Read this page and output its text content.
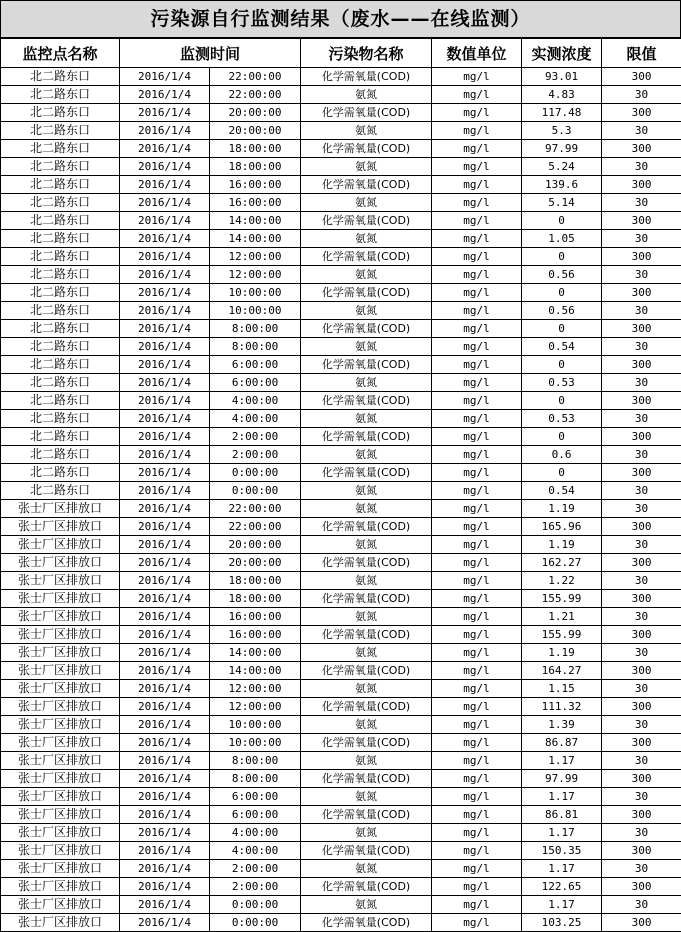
污染源自行监测结果（废水——在线监测）
监控点名称	监测时间		污染物名称	数值单位	实测浓度	限值
北二路东口	2016/1/4	22:00:00	化学需氧量(COD)	mg/l	93.01	300
北二路东口	2016/1/4	22:00:00	氨氮	mg/l	4.83	30
北二路东口	2016/1/4	20:00:00	化学需氧量(COD)	mg/l	117.48	300
北二路东口	2016/1/4	20:00:00	氨氮	mg/l	5.3	30
北二路东口	2016/1/4	18:00:00	化学需氧量(COD)	mg/l	97.99	300
北二路东口	2016/1/4	18:00:00	氨氮	mg/l	5.24	30
北二路东口	2016/1/4	16:00:00	化学需氧量(COD)	mg/l	139.6	300
北二路东口	2016/1/4	16:00:00	氨氮	mg/l	5.14	30
北二路东口	2016/1/4	14:00:00	化学需氧量(COD)	mg/l	0	300
北二路东口	2016/1/4	14:00:00	氨氮	mg/l	1.05	30
北二路东口	2016/1/4	12:00:00	化学需氧量(COD)	mg/l	0	300
北二路东口	2016/1/4	12:00:00	氨氮	mg/l	0.56	30
北二路东口	2016/1/4	10:00:00	化学需氧量(COD)	mg/l	0	300
北二路东口	2016/1/4	10:00:00	氨氮	mg/l	0.56	30
北二路东口	2016/1/4	8:00:00	化学需氧量(COD)	mg/l	0	300
北二路东口	2016/1/4	8:00:00	氨氮	mg/l	0.54	30
北二路东口	2016/1/4	6:00:00	化学需氧量(COD)	mg/l	0	300
北二路东口	2016/1/4	6:00:00	氨氮	mg/l	0.53	30
北二路东口	2016/1/4	4:00:00	化学需氧量(COD)	mg/l	0	300
北二路东口	2016/1/4	4:00:00	氨氮	mg/l	0.53	30
北二路东口	2016/1/4	2:00:00	化学需氧量(COD)	mg/l	0	300
北二路东口	2016/1/4	2:00:00	氨氮	mg/l	0.6	30
北二路东口	2016/1/4	0:00:00	化学需氧量(COD)	mg/l	0	300
北二路东口	2016/1/4	0:00:00	氨氮	mg/l	0.54	30
张士厂区排放口	2016/1/4	22:00:00	氨氮	mg/l	1.19	30
张士厂区排放口	2016/1/4	22:00:00	化学需氧量(COD)	mg/l	165.96	300
张士厂区排放口	2016/1/4	20:00:00	氨氮	mg/l	1.19	30
张士厂区排放口	2016/1/4	20:00:00	化学需氧量(COD)	mg/l	162.27	300
张士厂区排放口	2016/1/4	18:00:00	氨氮	mg/l	1.22	30
张士厂区排放口	2016/1/4	18:00:00	化学需氧量(COD)	mg/l	155.99	300
张士厂区排放口	2016/1/4	16:00:00	氨氮	mg/l	1.21	30
张士厂区排放口	2016/1/4	16:00:00	化学需氧量(COD)	mg/l	155.99	300
张士厂区排放口	2016/1/4	14:00:00	氨氮	mg/l	1.19	30
张士厂区排放口	2016/1/4	14:00:00	化学需氧量(COD)	mg/l	164.27	300
张士厂区排放口	2016/1/4	12:00:00	氨氮	mg/l	1.15	30
张士厂区排放口	2016/1/4	12:00:00	化学需氧量(COD)	mg/l	111.32	300
张士厂区排放口	2016/1/4	10:00:00	氨氮	mg/l	1.39	30
张士厂区排放口	2016/1/4	10:00:00	化学需氧量(COD)	mg/l	86.87	300
张士厂区排放口	2016/1/4	8:00:00	氨氮	mg/l	1.17	30
张士厂区排放口	2016/1/4	8:00:00	化学需氧量(COD)	mg/l	97.99	300
张士厂区排放口	2016/1/4	6:00:00	氨氮	mg/l	1.17	30
张士厂区排放口	2016/1/4	6:00:00	化学需氧量(COD)	mg/l	86.81	300
张士厂区排放口	2016/1/4	4:00:00	氨氮	mg/l	1.17	30
张士厂区排放口	2016/1/4	4:00:00	化学需氧量(COD)	mg/l	150.35	300
张士厂区排放口	2016/1/4	2:00:00	氨氮	mg/l	1.17	30
张士厂区排放口	2016/1/4	2:00:00	化学需氧量(COD)	mg/l	122.65	300
张士厂区排放口	2016/1/4	0:00:00	氨氮	mg/l	1.17	30
张士厂区排放口	2016/1/4	0:00:00	化学需氧量(COD)	mg/l	103.25	300
